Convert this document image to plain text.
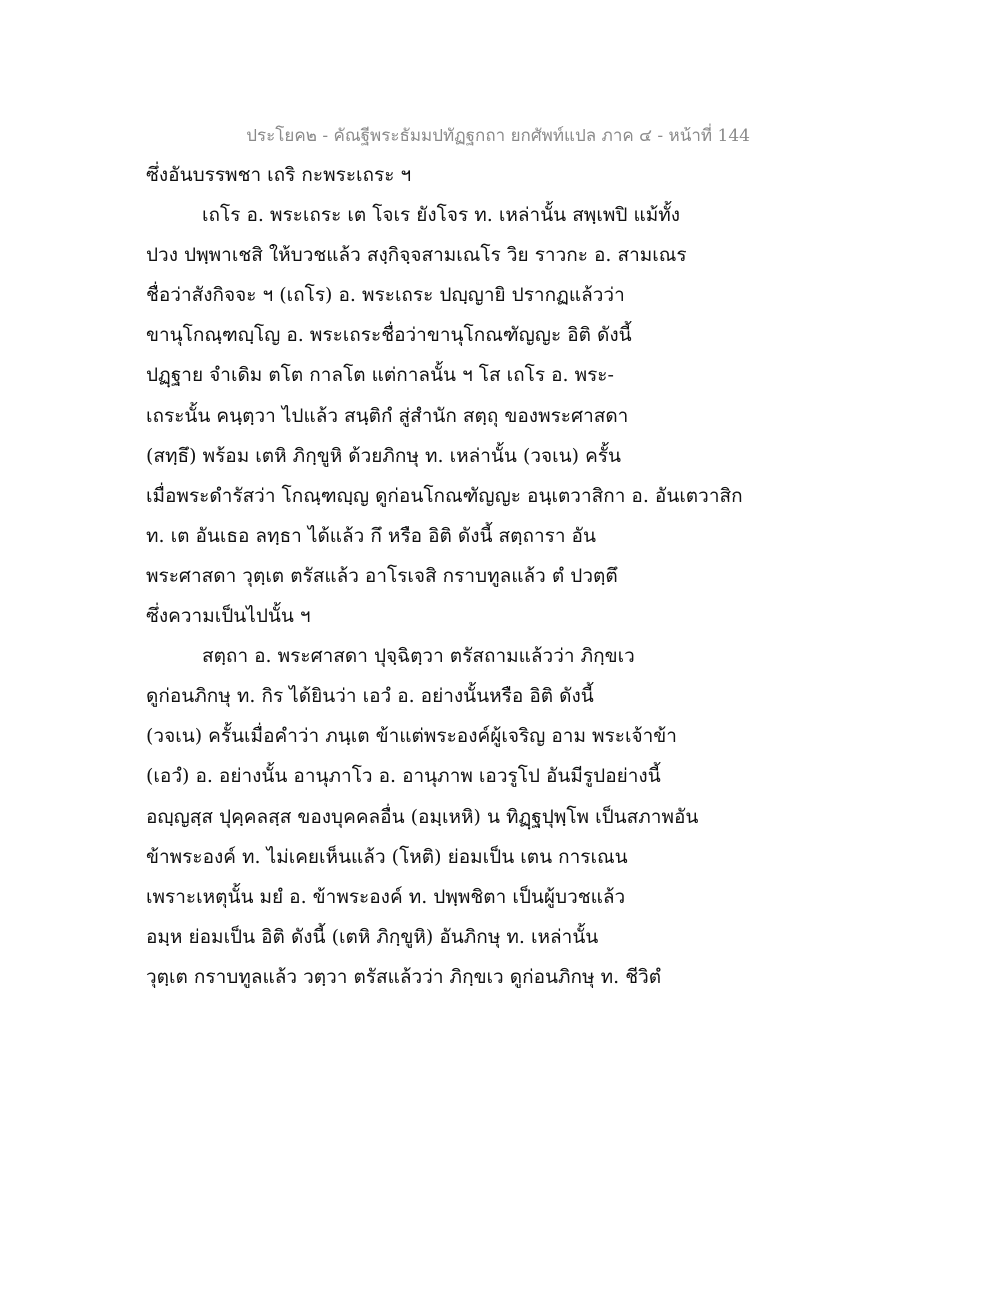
ประโยค๒ - คัณฐีพระธัมมปทัฏฐกถา ยกศัพท์แปล ภาค ๔ - หน้าที่ 144
ซึ่งอันบรรพชา เถริ กะพระเถระ ฯ
เถโร อ. พระเถระ เต โจเร ยังโจร ท. เหล่านั้น สพฺเพปิ แม้ทั้ง
ปวง ปพฺพาเชสิ ให้บวชแล้ว สงฺกิจฺจสามเณโร วิย ราวกะ อ. สามเณร
ชื่อว่าสังกิจจะ ฯ (เถโร) อ. พระเถระ ปญฺญายิ ปรากฏแล้วว่า
ขานุโกณฺฑญฺโญ อ. พระเถระชื่อว่าขานุโกณฑัญญะ อิติ ดังนี้
ปฏฺฐาย จำเดิม ตโต กาลโต แต่กาลนั้น ฯ โส เถโร อ. พระ-
เถระนั้น คนฺตฺวา ไปแล้ว สนฺติกํ สู่สำนัก สตฺถุ ของพระศาสดา
(สทฺธึ) พร้อม เตหิ ภิกฺขูหิ ด้วยภิกษุ ท. เหล่านั้น (วจเน) ครั้น
เมื่อพระดำรัสว่า โกณฺฑญฺญ ดูก่อนโกณฑัญญะ อนฺเตวาสิกา อ. อันเตวาสิก
ท. เต อันเธอ ลทฺธา ได้แล้ว กึ หรือ อิติ ดังนี้ สตฺถารา อัน
พระศาสดา วุตฺเต ตรัสแล้ว อาโรเจสิ กราบทูลแล้ว ตํ ปวตฺตึ
ซึ่งความเป็นไปนั้น ฯ
สตฺถา อ. พระศาสดา ปุจฺฉิตฺวา ตรัสถามแล้วว่า ภิกฺขเว
ดูก่อนภิกษุ ท. กิร ได้ยินว่า เอวํ อ. อย่างนั้นหรือ อิติ ดังนี้
(วจเน) ครั้นเมื่อคำว่า ภนฺเต ข้าแต่พระองค์ผู้เจริญ อาม พระเจ้าข้า
(เอวํ) อ. อย่างนั้น อานุภาโว อ. อานุภาพ เอวรูโป อันมีรูปอย่างนี้
อญฺญสฺส ปุคฺคลสฺส ของบุคคลอื่น (อมฺเหหิ) น ทิฏฺฐปุพฺโพ เป็นสภาพอัน
ข้าพระองค์ ท. ไม่เคยเห็นแล้ว (โหติ) ย่อมเป็น เตน การเณน
เพราะเหตุนั้น มยํ อ. ข้าพระองค์ ท. ปพฺพชิตา เป็นผู้บวชแล้ว
อมฺห ย่อมเป็น อิติ ดังนี้ (เตหิ ภิกฺขูหิ) อันภิกษุ ท. เหล่านั้น
วุตฺเต กราบทูลแล้ว วตฺวา ตรัสแล้วว่า ภิกฺขเว ดูก่อนภิกษุ ท. ชีวิตํ
